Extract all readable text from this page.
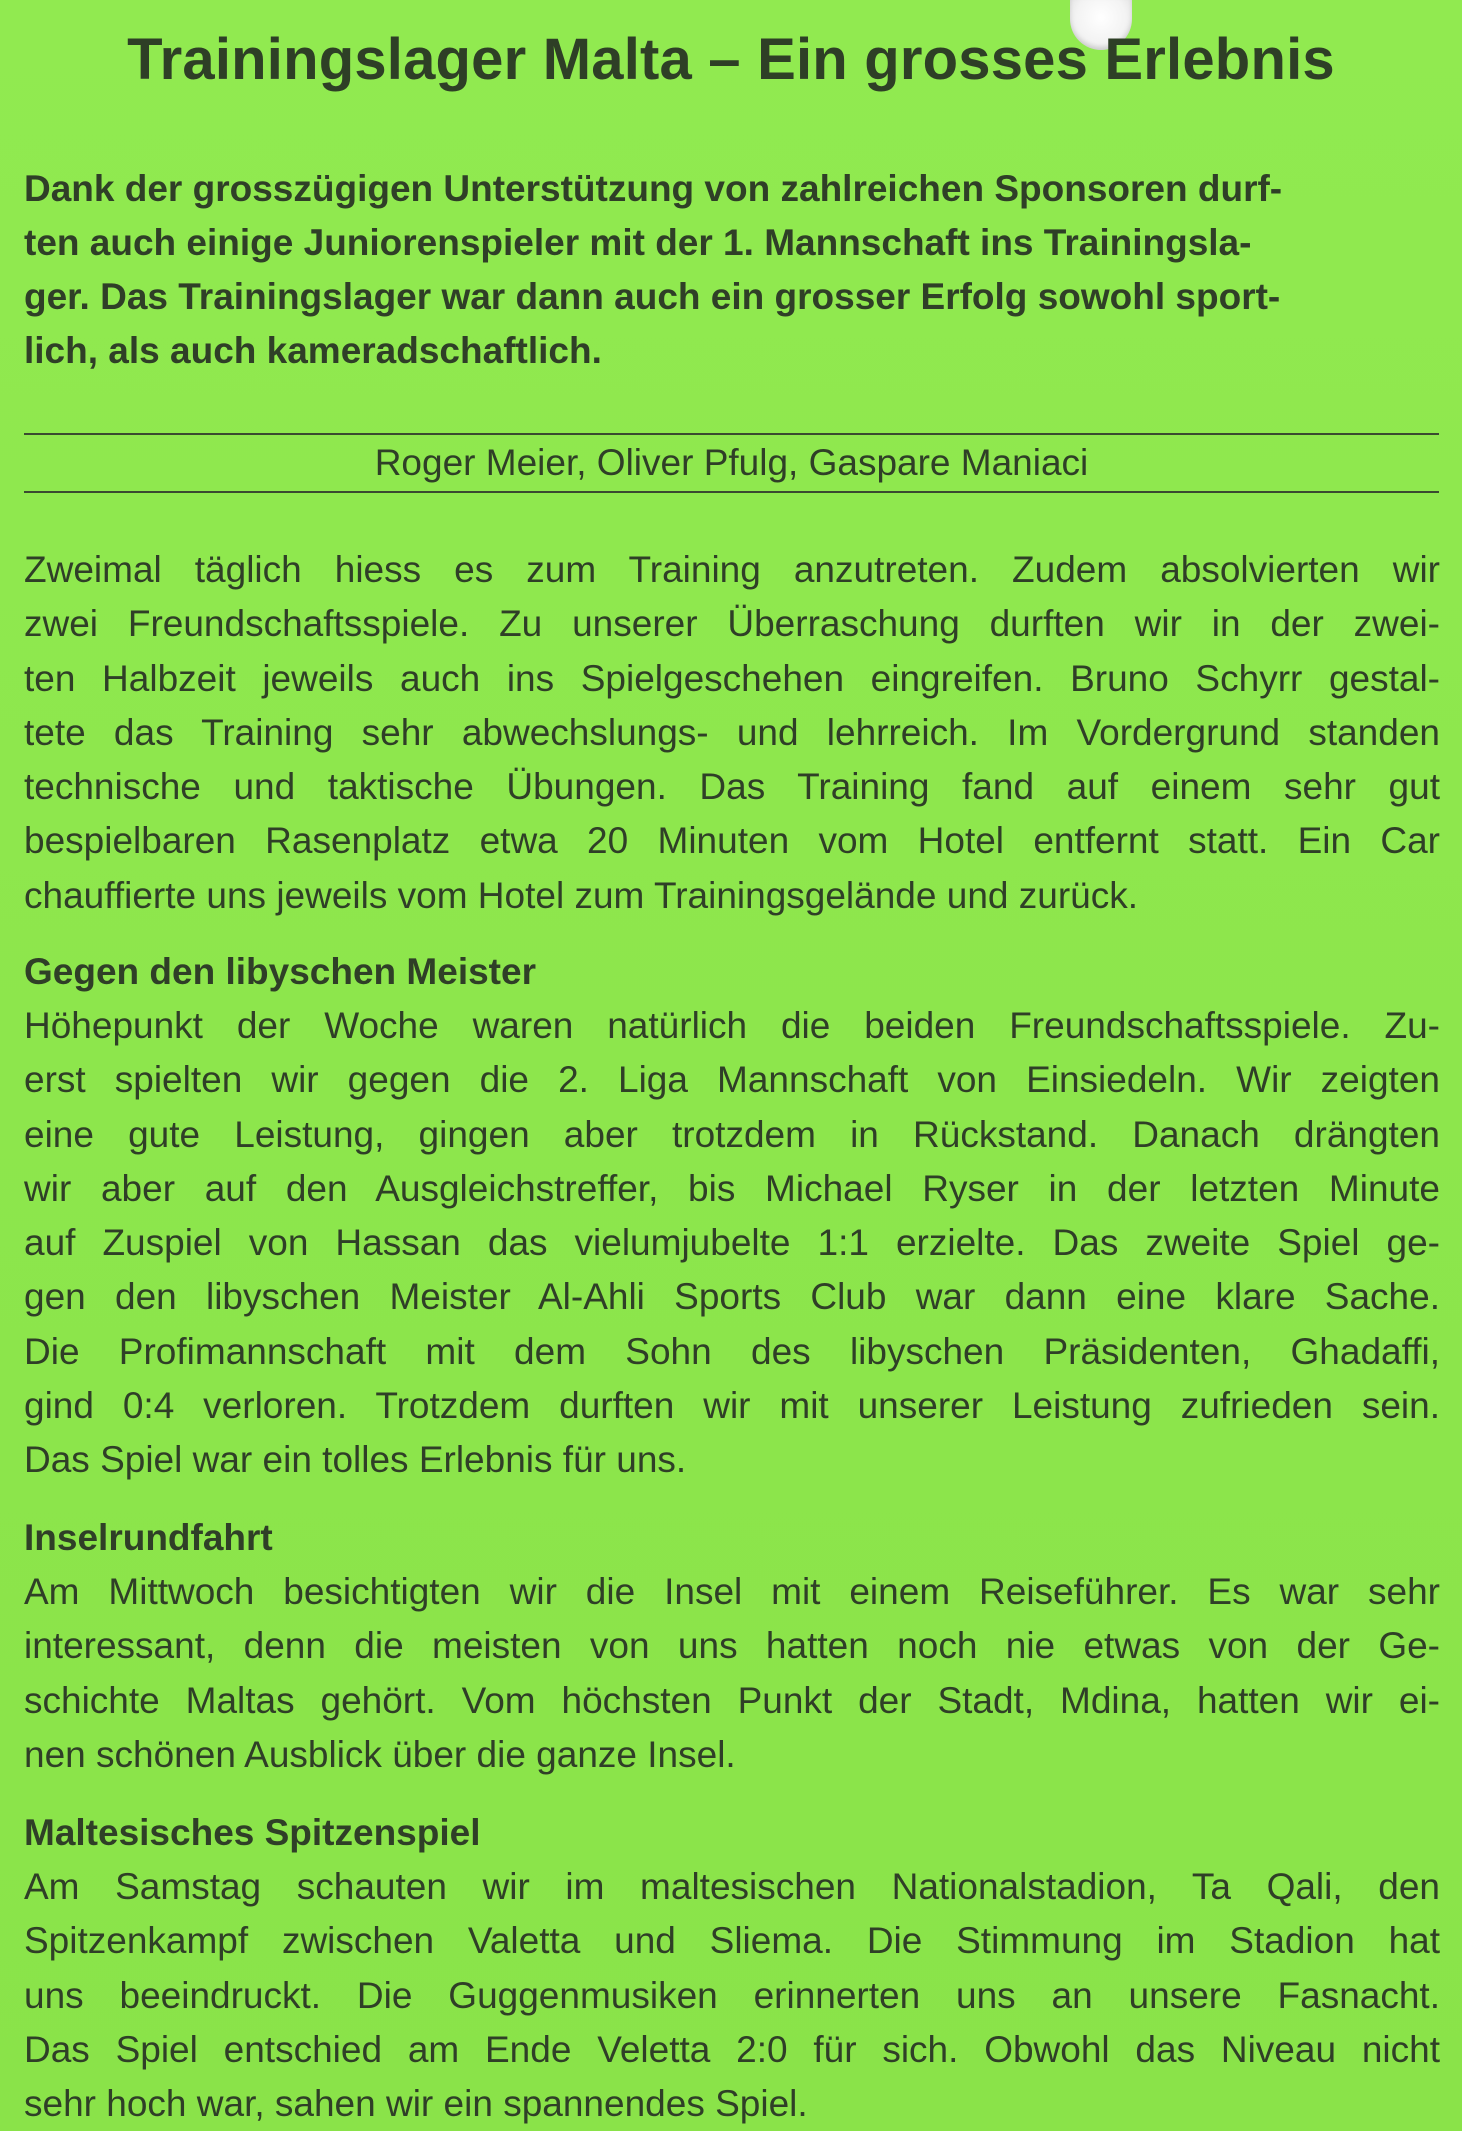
Trainingslager Malta – Ein grosses Erlebnis
Dank der grosszügigen Unterstützung von zahlreichen Sponsoren durf-
ten auch einige Juniorenspieler mit der 1. Mannschaft ins Trainingsla-
ger. Das Trainingslager war dann auch ein grosser Erfolg sowohl sport-
lich, als auch kameradschaftlich.
Roger Meier, Oliver Pfulg, Gaspare Maniaci
Zweimal täglich hiess es zum Training anzutreten. Zudem absolvierten wir
zwei Freundschaftsspiele. Zu unserer Überraschung durften wir in der zwei-
ten Halbzeit jeweils auch ins Spielgeschehen eingreifen. Bruno Schyrr gestal-
tete das Training sehr abwechslungs- und lehrreich. Im Vordergrund standen
technische und taktische Übungen. Das Training fand auf einem sehr gut
bespielbaren Rasenplatz etwa 20 Minuten vom Hotel entfernt statt. Ein Car
chauffierte uns jeweils vom Hotel zum Trainingsgelände und zurück.
Gegen den libyschen Meister
Höhepunkt der Woche waren natürlich die beiden Freundschaftsspiele. Zu-
erst spielten wir gegen die 2. Liga Mannschaft von Einsiedeln. Wir zeigten
eine gute Leistung, gingen aber trotzdem in Rückstand. Danach drängten
wir aber auf den Ausgleichstreffer, bis Michael Ryser in der letzten Minute
auf Zuspiel von Hassan das vielumjubelte 1:1 erzielte. Das zweite Spiel ge-
gen den libyschen Meister Al-Ahli Sports Club war dann eine klare Sache.
Die Profimannschaft mit dem Sohn des libyschen Präsidenten, Ghadaffi,
gind 0:4 verloren. Trotzdem durften wir mit unserer Leistung zufrieden sein.
Das Spiel war ein tolles Erlebnis für uns.
Inselrundfahrt
Am Mittwoch besichtigten wir die Insel mit einem Reiseführer. Es war sehr
interessant, denn die meisten von uns hatten noch nie etwas von der Ge-
schichte Maltas gehört. Vom höchsten Punkt der Stadt, Mdina, hatten wir ei-
nen schönen Ausblick über die ganze Insel.
Maltesisches Spitzenspiel
Am Samstag schauten wir im maltesischen Nationalstadion, Ta Qali, den
Spitzenkampf zwischen Valetta und Sliema. Die Stimmung im Stadion hat
uns beeindruckt. Die Guggenmusiken erinnerten uns an unsere Fasnacht.
Das Spiel entschied am Ende Veletta 2:0 für sich. Obwohl das Niveau nicht
sehr hoch war, sahen wir ein spannendes Spiel.
